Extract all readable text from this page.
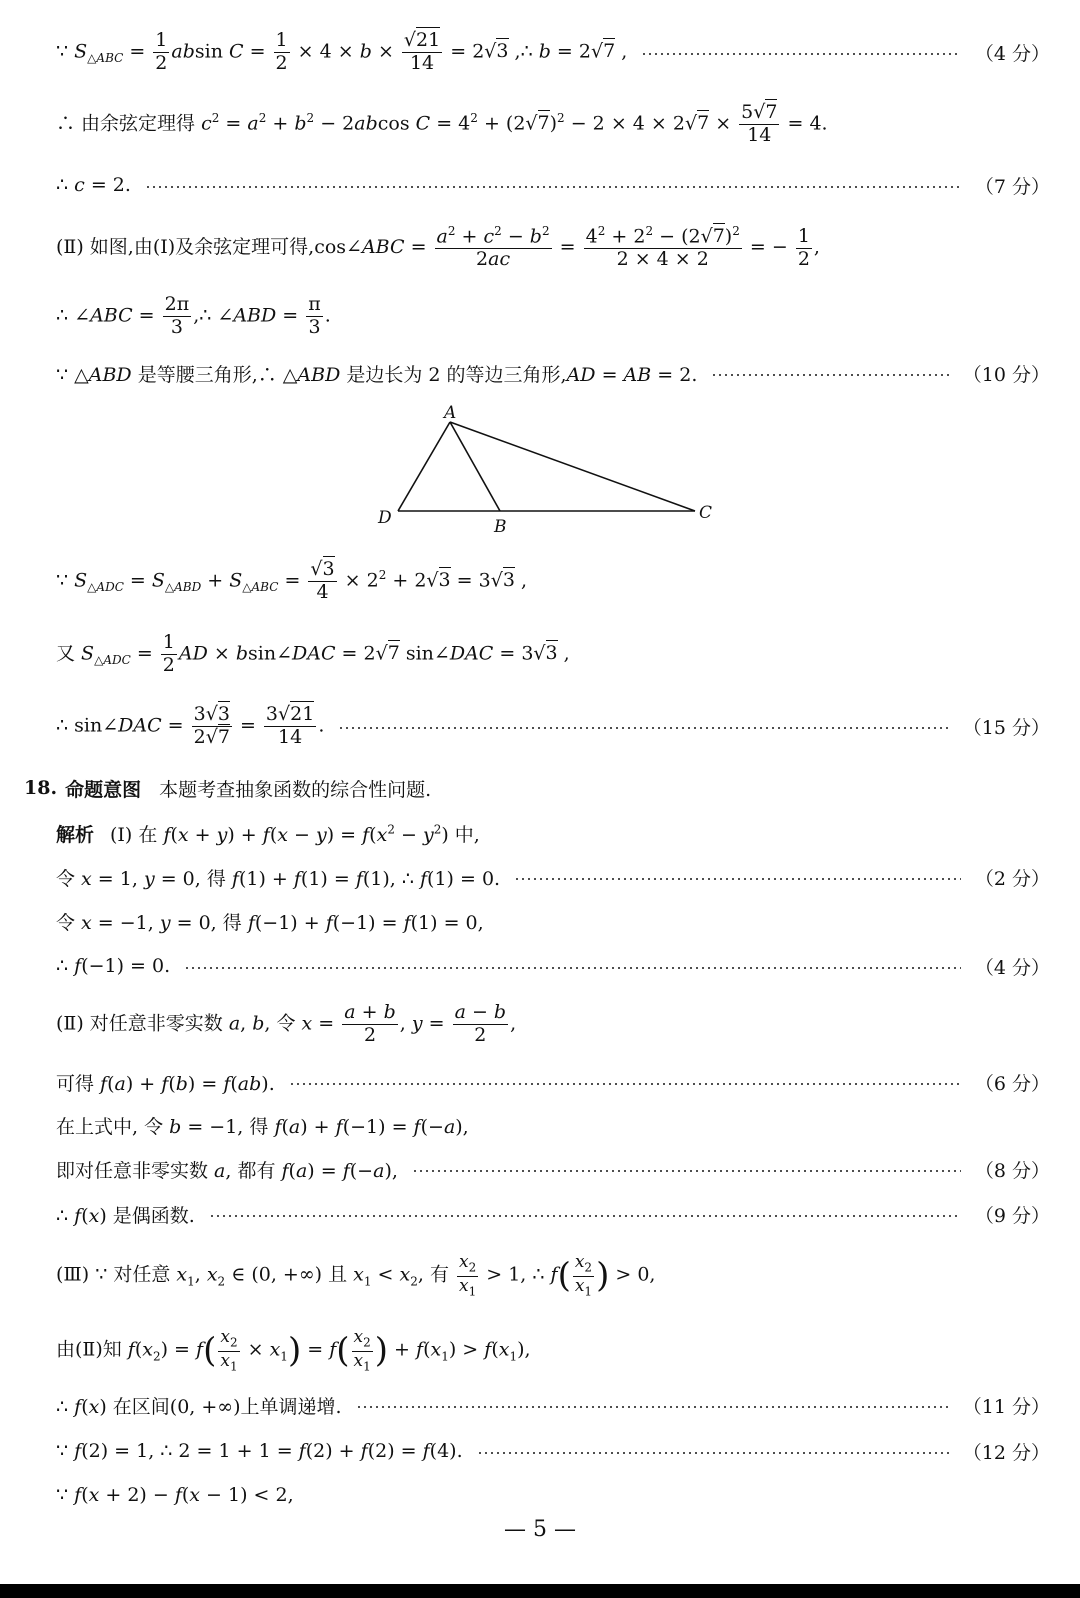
∵ $S_{\triangle ABC} = \frac{1}{2}$ absin $C = \frac{1}{2} \times 4 \times b \times \frac{√21}{14} = 2√3$ ,∴ b = 2√7 ,	（4 分）
∴ 由余弦定理得 $c^2 = a^2 + b^2 - 2abcos$ $C = 4^2 + (2√7)^2 - 2 \times 4 \times 2√7 \times \frac{5√7}{14} = 4$.
∴ c = 2.	（7 分）
(Ⅱ) 如图,由(Ⅰ)及余弦定理可得,cos∠ABC = $\frac{a^2 + c^2 - b^2}{2ac} = \frac{4^2 + 2^2 - (2√7)^2}{2 \times 4 \times 2}$ = − $\frac{1}{2}$ ,
∴ ∠ABC = $\frac{2\pi}{3}$ ,∴ ∠ABD = $\frac{\pi}{3}$ .
∵ △ABD 是等腰三角形,∴ △ABD 是边长为 2 的等边三角形,AD = AB = 2.	（10 分）
A
B
C
D
∵ $S_{\triangle ADC} = S_{\triangle ABD} + S_{\triangle ABC} = \frac{√3}{4} \times 2^2 + 2√3 = 3√3$ ,
又 $S_{\triangle ADC} = \frac{1}{2}$ AD × bsin∠DAC = 2√7 sin∠DAC = 3√3 ,
∴ sin∠DAC = $\frac{3√3}{2√7} = \frac{3√21}{14}$ .	（15 分）
18. 命题意图 本题考查抽象函数的综合性问题.
解析 (Ⅰ) 在 $f(x + y) + f(x - y) = f(x^2 - y^2)$ 中,
令 x = 1, y = 0, 得 f(1) + f(1) = f(1), ∴ f(1) = 0.	（2 分）
令 x = −1, y = 0, 得 f(−1) + f(−1) = f(1) = 0,
∴ f(−1) = 0.	（4 分）
(Ⅱ) 对任意非零实数 a, b, 令 $x = \frac{a + b}{2}$ , $y = \frac{a - b}{2}$ ,
可得 f(a) + f(b) = f(ab).	（6 分）
在上式中, 令 b = −1, 得 f(a) + f(−1) = f(−a),
即对任意非零实数 a, 都有 f(a) = f(−a),	（8 分）
∴ f(x) 是偶函数.	（9 分）
(Ⅲ) ∵ 对任意 $x_1$, $x_2$ ∈ (0, +∞) 且 $x_1 < x_2$, 有 $\frac{x_2}{x_1} > 1$, ∴ $f( \frac{x_2}{x_1}$ ) > 0,
由(Ⅱ)知 $f(x_2) = f( \frac{x_2}{x_1} \times x_1) = f( \frac{x_2}{x_1}$ ) + $f(x_1) > f(x_1)$,
∴ f(x) 在区间(0, +∞)上单调递增.	（11 分）
∵ f(2) = 1, ∴ 2 = 1 + 1 = f(2) + f(2) = f(4).	（12 分）
∵ f(x + 2) − f(x − 1) < 2,
— 5 —
